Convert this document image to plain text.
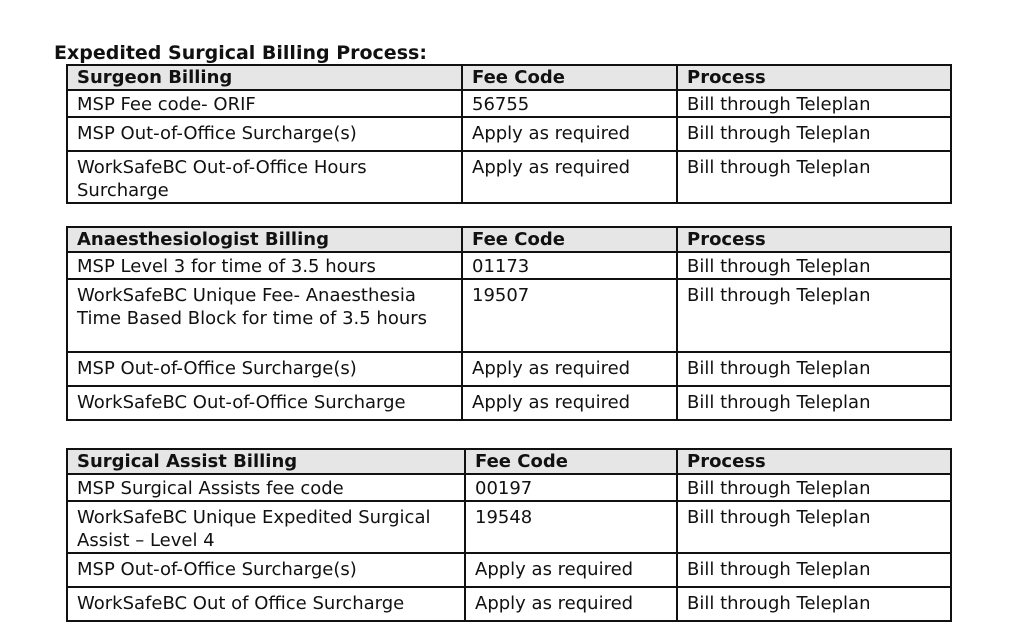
Expedited Surgical Billing Process:
Surgeon Billing	Fee Code	Process
MSP Fee code- ORIF	56755	Bill through Teleplan
MSP Out-of-Office Surcharge(s)	Apply as required	Bill through Teleplan
WorkSafeBC Out-of-Office Hours Surcharge	Apply as required	Bill through Teleplan
Anaesthesiologist Billing	Fee Code	Process
MSP Level 3 for time of 3.5 hours	01173	Bill through Teleplan
WorkSafeBC Unique Fee- Anaesthesia Time Based Block for time of 3.5 hours	19507	Bill through Teleplan
MSP Out-of-Office Surcharge(s)	Apply as required	Bill through Teleplan
WorkSafeBC Out-of-Office Surcharge	Apply as required	Bill through Teleplan
Surgical Assist Billing	Fee Code	Process
MSP Surgical Assists fee code	00197	Bill through Teleplan
WorkSafeBC Unique Expedited Surgical Assist – Level 4	19548	Bill through Teleplan
MSP Out-of-Office Surcharge(s)	Apply as required	Bill through Teleplan
WorkSafeBC Out of Office Surcharge	Apply as required	Bill through Teleplan
